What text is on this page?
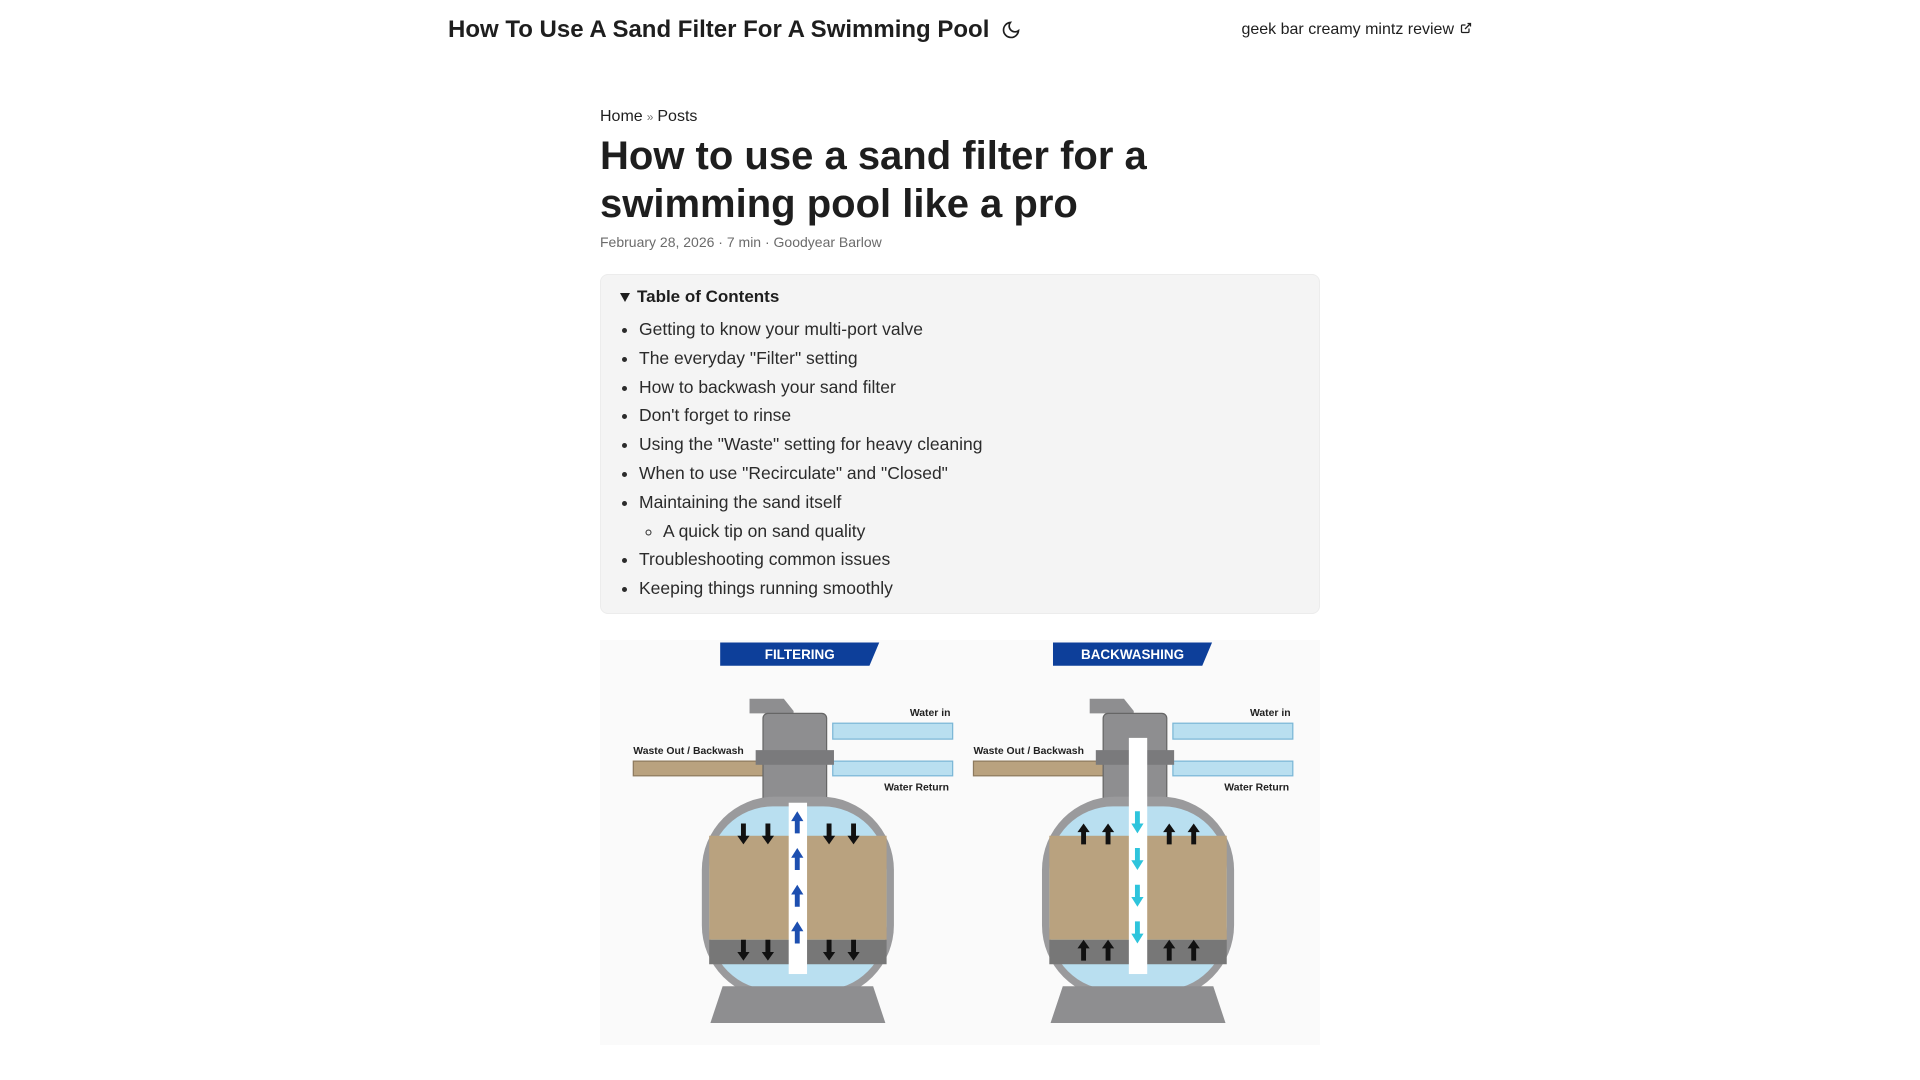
How To Use A Sand Filter For A Swimming Pool	geek bar creamy mintz review
Home » Posts
How to use a sand filter for a swimming pool like a pro
February 28, 2026 · 7 min · Goodyear Barlow
Table of Contents
• Getting to know your multi-port valve
• The everyday "Filter" setting
• How to backwash your sand filter
• Don't forget to rinse
• Using the "Waste" setting for heavy cleaning
• When to use "Recirculate" and "Closed"
• Maintaining the sand itself
◦ A quick tip on sand quality
• Troubleshooting common issues
• Keeping things running smoothly
FILTERING
Water in
Waste Out / Backwash
Water Return
BACKWASHING
Water in
Waste Out / Backwash
Water Return
